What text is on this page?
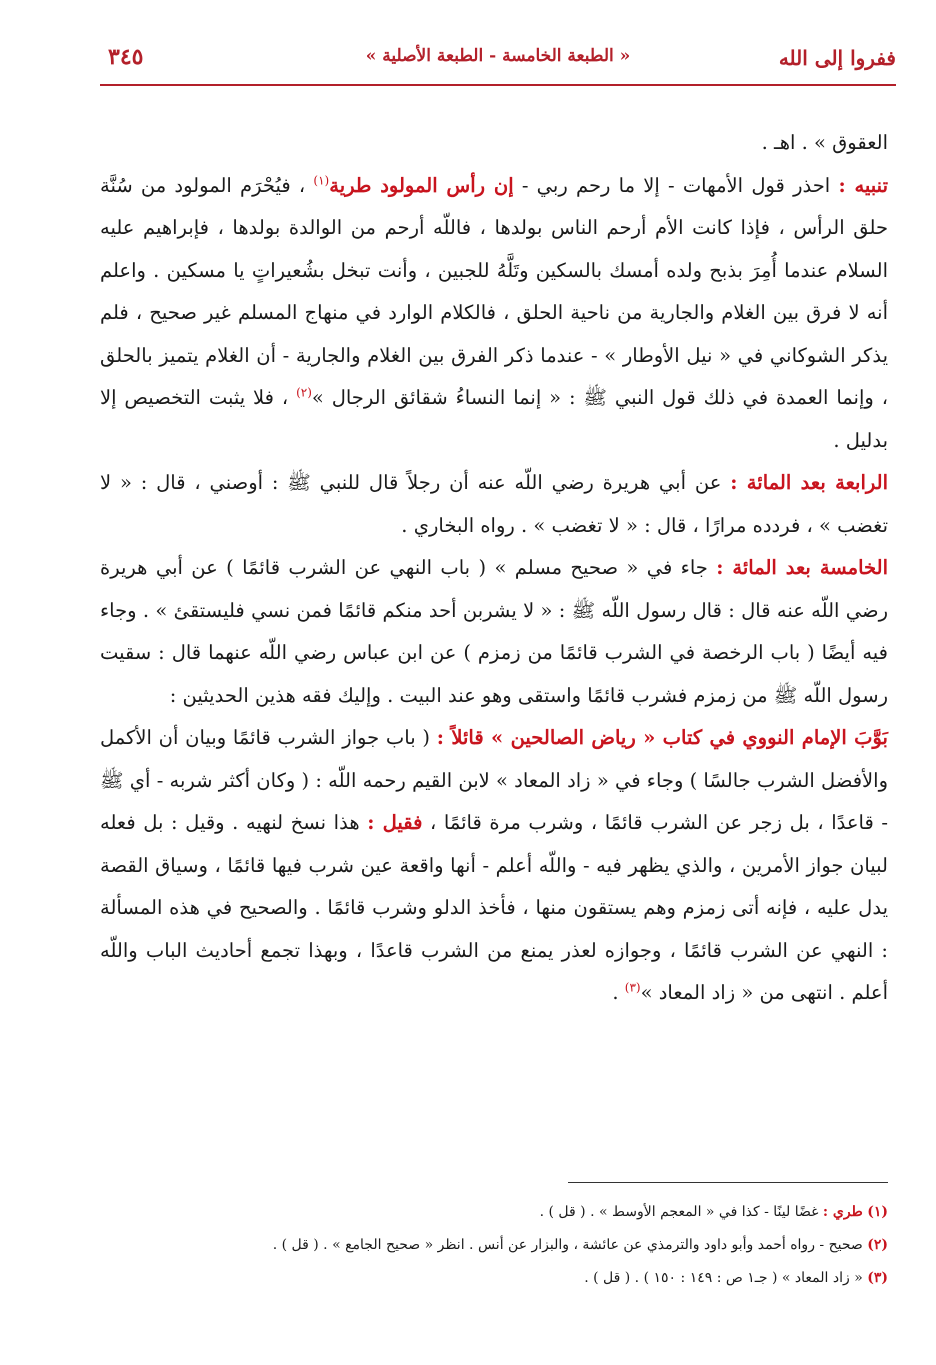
ففروا إلى الله
« الطبعة الخامسة - الطبعة الأصلية »
٣٤٥

العقوق » . اهـ .

تنبيه : احذر قول الأمهات - إلا ما رحم ربي - إن رأس المولود طرية$^{(١)}$ ، فيُحْرَم المولود من سُنَّة حلق الرأس ، فإذا كانت الأم أرحم الناس بولدها ، فاللّه أرحم من الوالدة بولدها ، فإبراهيم عليه السلام عندما أُمِرَ بذبح ولده أمسك بالسكين وتَلَّهُ للجبين ، وأنت تبخل بشُعيراتٍ يا مسكين . واعلم أنه لا فرق بين الغلام والجارية من ناحية الحلق ، فالكلام الوارد في منهاج المسلم غير صحيح ، فلم يذكر الشوكاني في « نيل الأوطار » - عندما ذكر الفرق بين الغلام والجارية - أن الغلام يتميز بالحلق ، وإنما العمدة في ذلك قول النبي ﷺ : « إنما النساءُ شقائق الرجال »$^{(٢)}$ ، فلا يثبت التخصيص إلا بدليل .

الرابعة بعد المائة : عن أبي هريرة رضي اللّه عنه أن رجلاً قال للنبي ﷺ : أوصني ، قال : « لا تغضب » ، فردده مرارًا ، قال : « لا تغضب » . رواه البخاري .

الخامسة بعد المائة : جاء في « صحيح مسلم » ( باب النهي عن الشرب قائمًا ) عن أبي هريرة رضي اللّه عنه قال : قال رسول اللّه ﷺ : « لا يشربن أحد منكم قائمًا فمن نسي فليستقئ » . وجاء فيه أيضًا ( باب الرخصة في الشرب قائمًا من زمزم ) عن ابن عباس رضي اللّه عنهما قال : سقيت رسول اللّه ﷺ من زمزم فشرب قائمًا واستقى وهو عند البيت . وإليك فقه هذين الحديثين :

بَوَّبَ الإمام النووي في كتاب « رياض الصالحين » قائلاً : ( باب جواز الشرب قائمًا وبيان أن الأكمل والأفضل الشرب جالسًا ) وجاء في « زاد المعاد » لابن القيم رحمه اللّه : ( وكان أكثر شربه - أي ﷺ - قاعدًا ، بل زجر عن الشرب قائمًا ، وشرب مرة قائمًا ، فقيل : هذا نسخ لنهيه . وقيل : بل فعله لبيان جواز الأمرين ، والذي يظهر فيه - واللّه أعلم - أنها واقعة عين شرب فيها قائمًا ، وسياق القصة يدل عليه ، فإنه أتى زمزم وهم يستقون منها ، فأخذ الدلو وشرب قائمًا . والصحيح في هذه المسألة : النهي عن الشرب قائمًا ، وجوازه لعذر يمنع من الشرب قاعدًا ، وبهذا تجمع أحاديث الباب واللّه أعلم . انتهى من « زاد المعاد »$^{(٣)}$ .

(١) طري : غضًا لينًا - كذا في « المعجم الأوسط » . ( قل ) .
(٢) صحيح - رواه أحمد وأبو داود والترمذي عن عائشة ، والبزار عن أنس . انظر « صحيح الجامع » . ( قل ) .
(٣) « زاد المعاد » ( جـ١ ص : ١٤٩ : ١٥٠ ) . ( قل ) .
